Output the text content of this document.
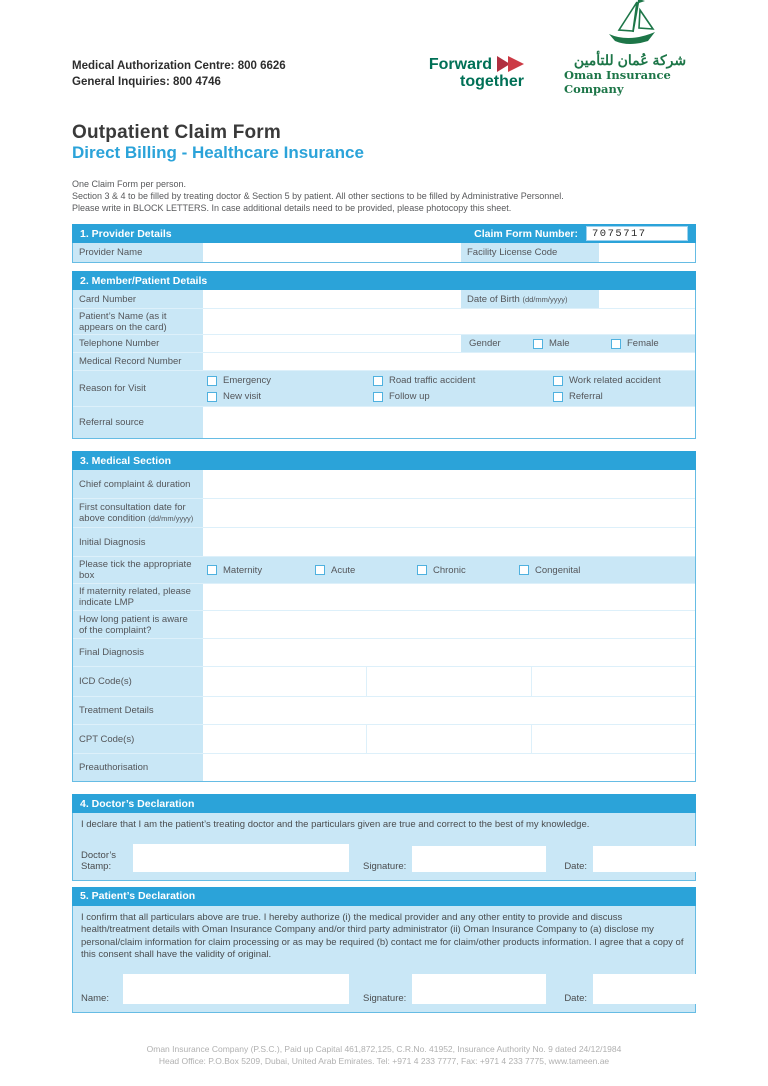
Medical Authorization Centre: 800 6626
General Inquiries: 800 4746
Forward
together
شركة عُمان للتأمين
Oman Insurance Company
Outpatient Claim Form
Direct Billing - Healthcare Insurance
One Claim Form per person.
Section 3 & 4 to be filled by treating doctor & Section 5 by patient. All other sections to be filled by Administrative Personnel.
Please write in BLOCK LETTERS. In case additional details need to be provided, please photocopy this sheet.
1. Provider Details	Claim Form Number:	7075717
Provider Name	Facility License Code
2. Member/Patient Details
Card Number	Date of Birth (dd/mm/yyyy)
Patient’s Name (as it appears on the card)
Telephone Number	Gender	Male	Female
Medical Record Number
Reason for Visit
Emergency	Road traffic accident	Work related accident
New visit	Follow up	Referral
Referral source
3. Medical Section
Chief complaint & duration
First consultation date for above condition (dd/mm/yyyy)
Initial Diagnosis
Please tick the appropriate box	Maternity	Acute	Chronic	Congenital
If maternity related, please indicate LMP
How long patient is aware of the complaint?
Final Diagnosis
ICD Code(s)
Treatment Details
CPT Code(s)
Preauthorisation
4. Doctor’s Declaration
I declare that I am the patient’s treating doctor and the particulars given are true and correct to the best of my knowledge.
Doctor’s Stamp:	Signature:	Date:
5. Patient’s Declaration
I confirm that all particulars above are true. I hereby authorize (i) the medical provider and any other entity to provide and discuss health/treatment details with Oman Insurance Company and/or third party administrator (ii) Oman Insurance Company to (a) disclose my personal/claim information for claim processing or as may be required (b) contact me for claim/other products information. I agree that a copy of this consent shall have the validity of original.
Name:	Signature:	Date:
Oman Insurance Company (P.S.C.), Paid up Capital 461,872,125, C.R.No. 41952, Insurance Authority No. 9 dated 24/12/1984
Head Office: P.O.Box 5209, Dubai, United Arab Emirates. Tel: +971 4 233 7777, Fax: +971 4 233 7775, www.tameen.ae
